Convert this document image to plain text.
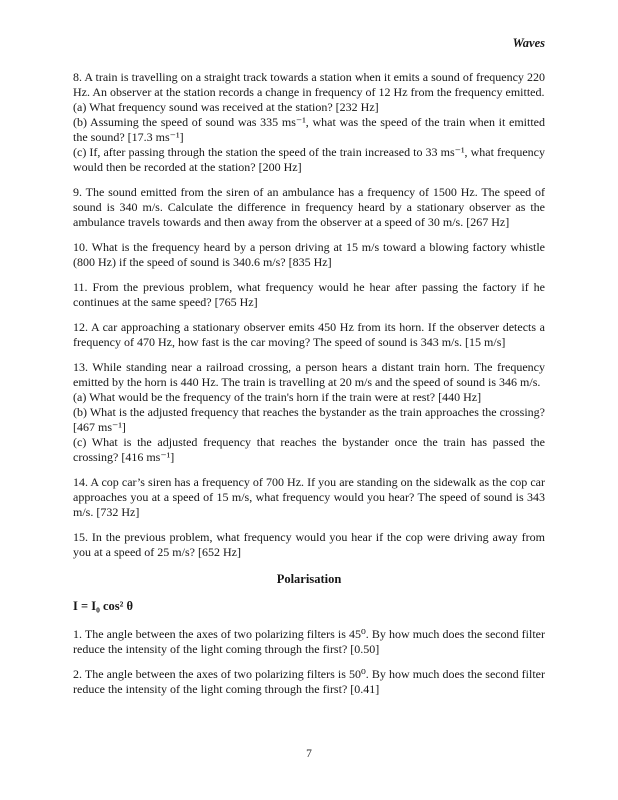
Waves
8. A train is travelling on a straight track towards a station when it emits a sound of frequency 220 Hz. An observer at the station records a change in frequency of 12 Hz from the frequency emitted.
(a) What frequency sound was received at the station? [232 Hz]
(b) Assuming the speed of sound was 335 ms⁻¹, what was the speed of the train when it emitted the sound? [17.3 ms⁻¹]
(c) If, after passing through the station the speed of the train increased to 33 ms⁻¹, what frequency would then be recorded at the station? [200 Hz]
9. The sound emitted from the siren of an ambulance has a frequency of 1500 Hz. The speed of sound is 340 m/s. Calculate the difference in frequency heard by a stationary observer as the ambulance travels towards and then away from the observer at a speed of 30 m/s. [267 Hz]
10. What is the frequency heard by a person driving at 15 m/s toward a blowing factory whistle (800 Hz) if the speed of sound is 340.6 m/s? [835 Hz]
11. From the previous problem, what frequency would he hear after passing the factory if he continues at the same speed? [765 Hz]
12. A car approaching a stationary observer emits 450 Hz from its horn. If the observer detects a frequency of 470 Hz, how fast is the car moving? The speed of sound is 343 m/s. [15 m/s]
13. While standing near a railroad crossing, a person hears a distant train horn. The frequency emitted by the horn is 440 Hz. The train is travelling at 20 m/s and the speed of sound is 346 m/s.
(a) What would be the frequency of the train's horn if the train were at rest? [440 Hz]
(b) What is the adjusted frequency that reaches the bystander as the train approaches the crossing? [467 ms⁻¹]
(c) What is the adjusted frequency that reaches the bystander once the train has passed the crossing? [416 ms⁻¹]
14. A cop car’s siren has a frequency of 700 Hz. If you are standing on the sidewalk as the cop car approaches you at a speed of 15 m/s, what frequency would you hear? The speed of sound is 343 m/s. [732 Hz]
15. In the previous problem, what frequency would you hear if the cop were driving away from you at a speed of 25 m/s? [652 Hz]
Polarisation
I = I₀ cos² θ
1. The angle between the axes of two polarizing filters is 45⁰. By how much does the second filter reduce the intensity of the light coming through the first? [0.50]
2. The angle between the axes of two polarizing filters is 50⁰. By how much does the second filter reduce the intensity of the light coming through the first? [0.41]
7
